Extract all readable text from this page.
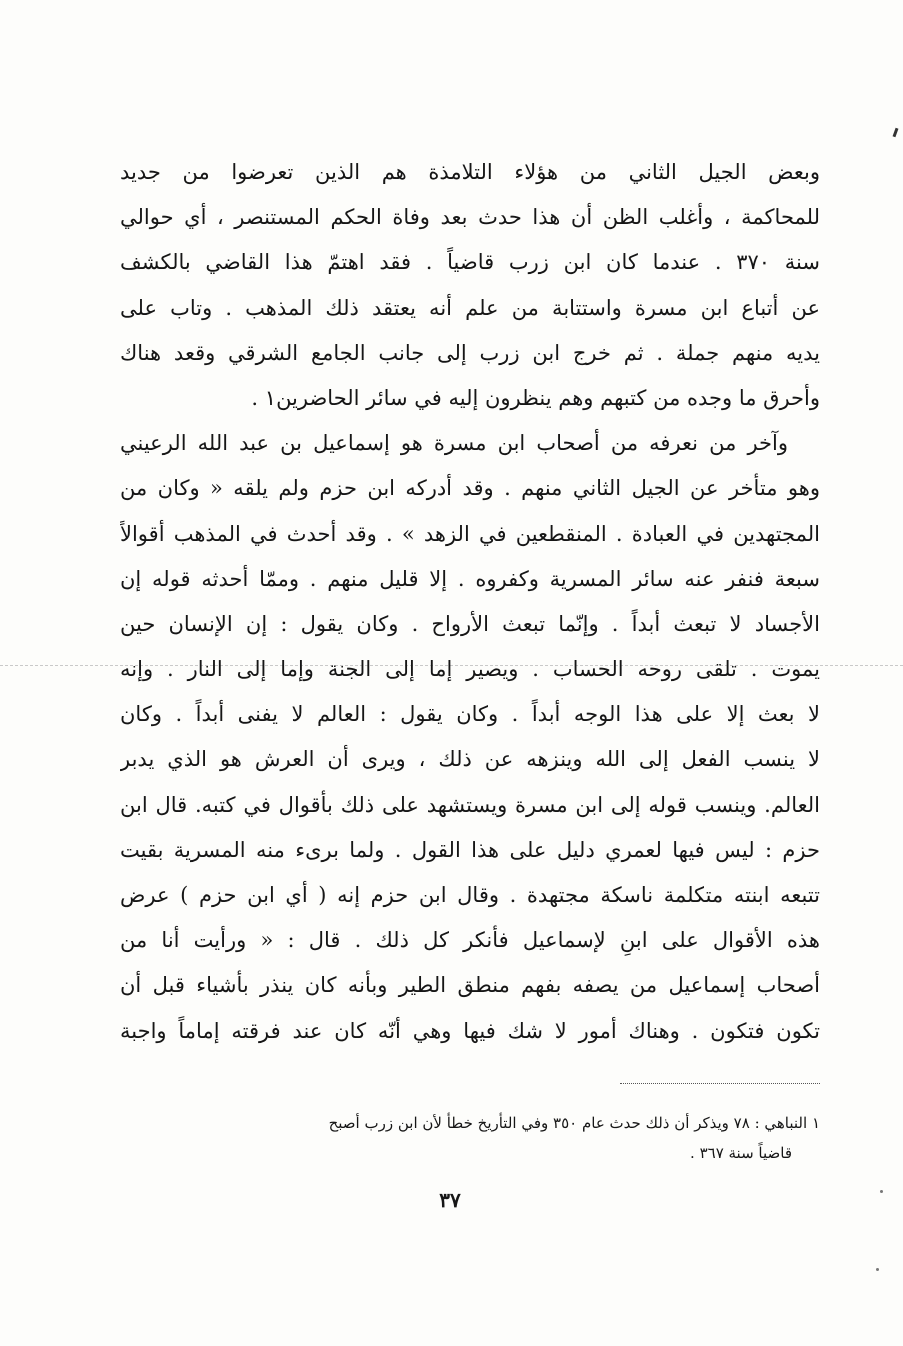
وبعض الجيل الثاني من هؤلاء التلامذة هم الذين تعرضوا من جديد
للمحاكمة ، وأغلب الظن أن هذا حدث بعد وفاة الحكم المستنصر ، أي حوالي
سنة ٣٧٠ . عندما كان ابن زرب قاضياً . فقد اهتمّ هذا القاضي بالكشف
عن أتباع ابن مسرة واستتابة من علم أنه يعتقد ذلك المذهب . وتاب على
يديه منهم جملة . ثم خرج ابن زرب إلى جانب الجامع الشرقي وقعد هناك
وأحرق ما وجده من كتبهم وهم ينظرون إليه في سائر الحاضرين١ .
وآخر من نعرفه من أصحاب ابن مسرة هو إسماعيل بن عبد الله الرعيني
وهو متأخر عن الجيل الثاني منهم . وقد أدركه ابن حزم ولم يلقه « وكان من
المجتهدين في العبادة . المنقطعين في الزهد » . وقد أحدث في المذهب أقوالاً
سبعة فنفر عنه سائر المسرية وكفروه . إلا قليل منهم . وممّا أحدثه قوله إن
الأجساد لا تبعث أبداً . وإنّما تبعث الأرواح . وكان يقول : إن الإنسان حين
يموت . تلقى روحه الحساب . ويصير إما إلى الجنة وإما إلى النار . وإنه
لا بعث إلا على هذا الوجه أبداً . وكان يقول : العالم لا يفنى أبداً . وكان
لا ينسب الفعل إلى الله وينزهه عن ذلك ، ويرى أن العرش هو الذي يدبر
العالم. وينسب قوله إلى ابن مسرة ويستشهد على ذلك بأقوال في كتبه. قال ابن
حزم : ليس فيها لعمري دليل على هذا القول . ولما برىء منه المسرية بقيت
تتبعه ابنته متكلمة ناسكة مجتهدة . وقال ابن حزم إنه ( أي ابن حزم ) عرض
هذه الأقوال على ابنِ لإسماعيل فأنكر كل ذلك . قال : « ورأيت أنا من
أصحاب إسماعيل من يصفه بفهم منطق الطير وبأنه كان ينذر بأشياء قبل أن
تكون فتكون . وهناك أمور لا شك فيها وهي أنّه كان عند فرقته إماماً واجبة
١ النباهي : ٧٨ ويذكر أن ذلك حدث عام ٣٥٠ وفي التأريخ خطأ لأن ابن زرب أصبح
قاضياً سنة ٣٦٧ .
٣٧
